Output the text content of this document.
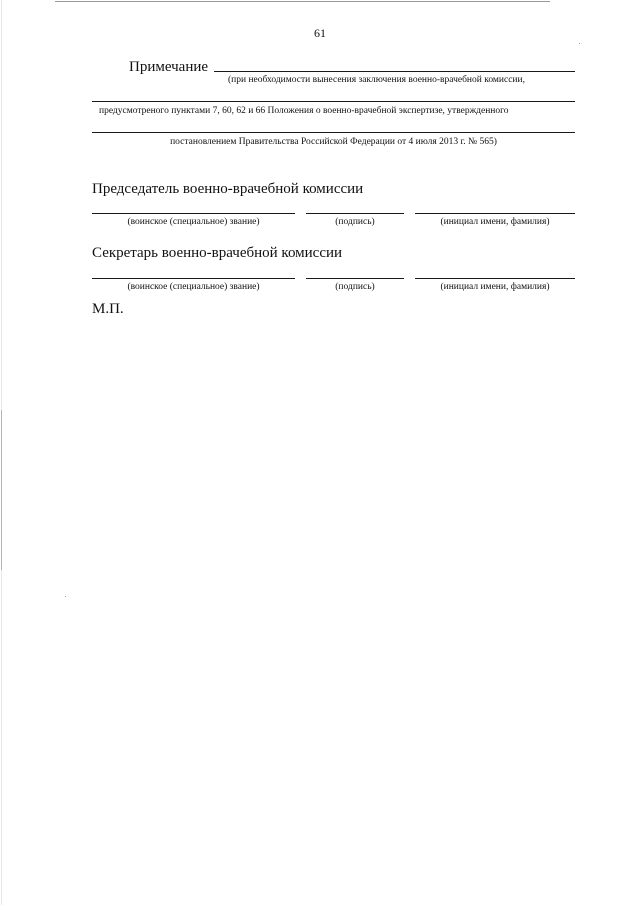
61
Примечание
(при необходимости вынесения заключения военно-врачебной комиссии,
предусмотреного пунктами 7, 60, 62 и 66 Положения о военно-врачебной экспертизе, утвержденного
постановлением Правительства Российской Федерации от 4 июля 2013 г. № 565)
Председатель военно-врачебной комиссии
(воинское (специальное) звание)	(подпись)	(инициал имени, фамилия)
Секретарь военно-врачебной комиссии
(воинское (специальное) звание)	(подпись)	(инициал имени, фамилия)
М.П.
